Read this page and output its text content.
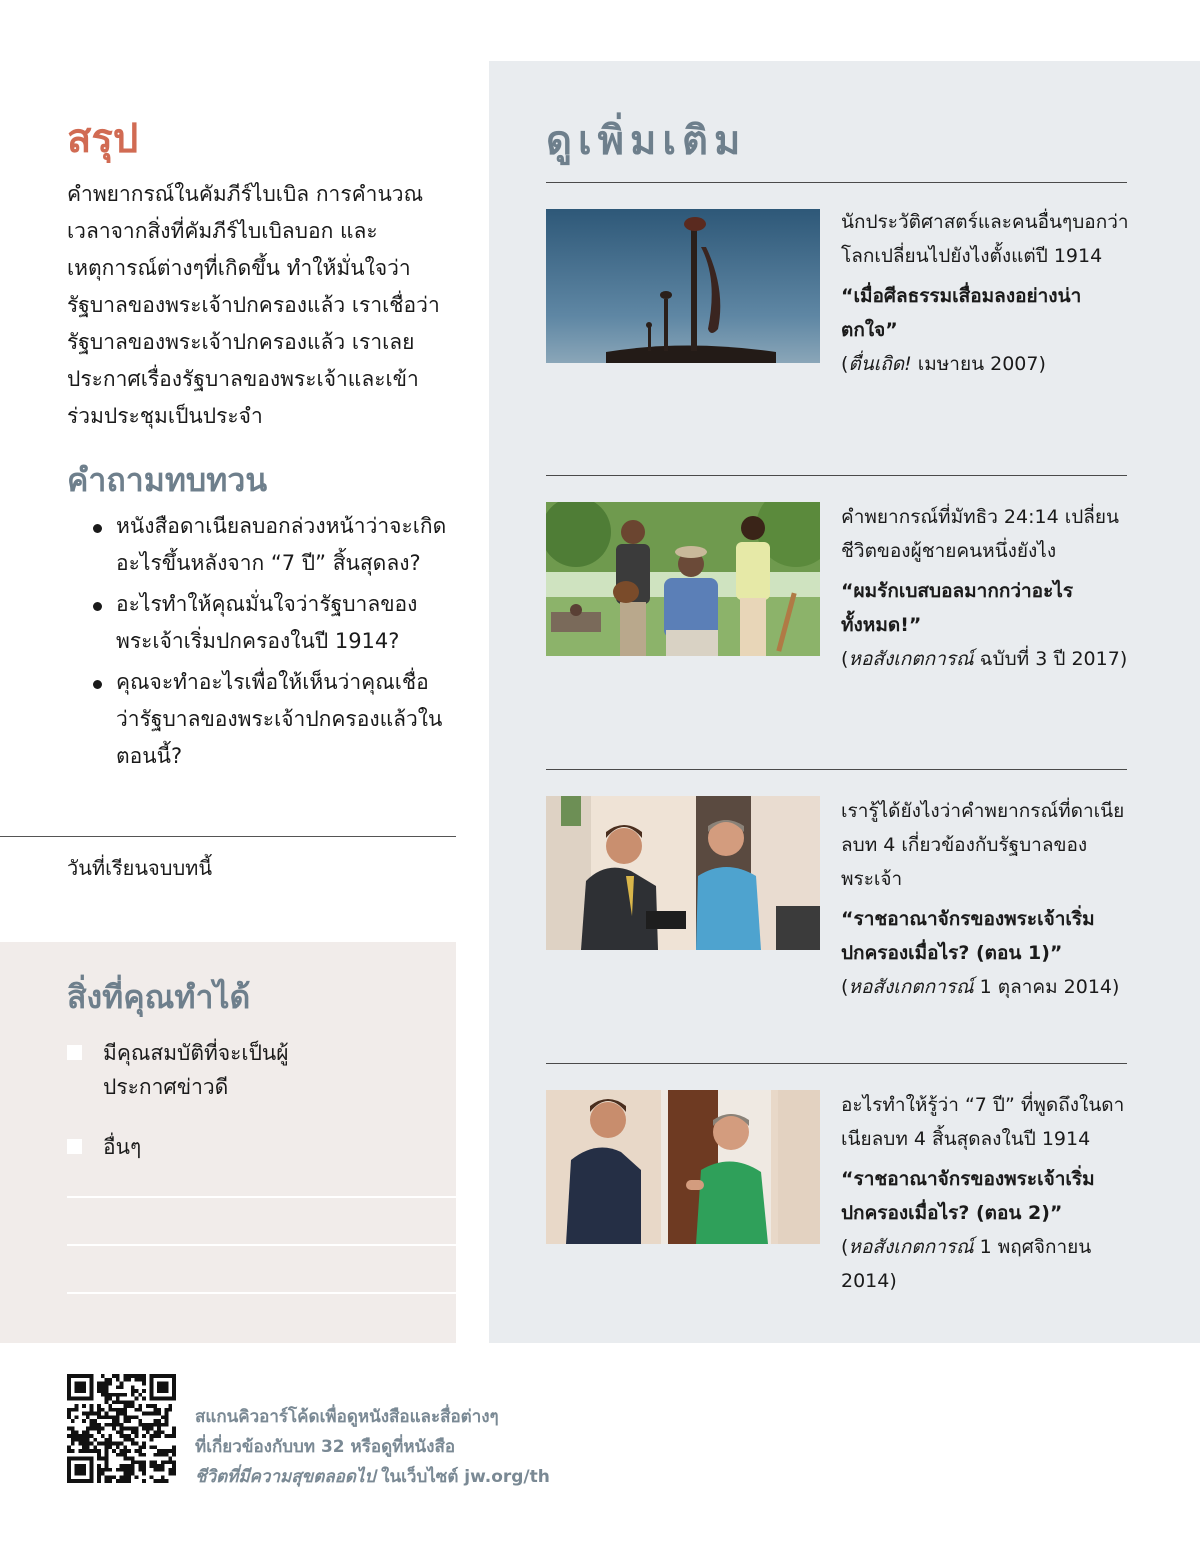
สรุป
คำพยากรณ์ในคัมภีร์ไบเบิล การคำนวณเวลาจากสิ่งที่คัมภีร์ไบเบิลบอก และเหตุการณ์ต่างๆที่เกิดขึ้น ทำให้มั่นใจว่ารัฐบาลของพระเจ้าปกครองแล้ว เราเชื่อว่ารัฐบาลของพระเจ้าปกครองแล้ว เราเลยประกาศเรื่องรัฐบาลของพระเจ้าและเข้าร่วมประชุมเป็นประจำ
คำถามทบทวน
หนังสือดาเนียลบอกล่วงหน้าว่าจะเกิดอะไรขึ้นหลังจาก “7 ปี” สิ้นสุดลง?
อะไรทำให้คุณมั่นใจว่ารัฐบาลของพระเจ้าเริ่มปกครองในปี 1914?
คุณจะทำอะไรเพื่อให้เห็นว่าคุณเชื่อว่ารัฐบาลของพระเจ้าปกครองแล้วในตอนนี้?
วันที่เรียนจบบทนี้
สิ่งที่คุณทำได้
มีคุณสมบัติที่จะเป็นผู้ประกาศข่าวดี
อื่นๆ
ดูเพิ่มเติม
นักประวัติศาสตร์และคนอื่นๆบอกว่าโลกเปลี่ยนไปยังไงตั้งแต่ปี 1914
“เมื่อศีลธรรมเสื่อมลงอย่างน่าตกใจ”
(ตื่นเถิด! เมษายน 2007)
คำพยากรณ์ที่มัทธิว 24:14 เปลี่ยนชีวิตของผู้ชายคนหนึ่งยังไง
“ผมรักเบสบอลมากกว่าอะไรทั้งหมด!”
(หอสังเกตการณ์ ฉบับที่ 3 ปี 2017)
เรารู้ได้ยังไงว่าคำพยากรณ์ที่ดาเนียลบท 4 เกี่ยวข้องกับรัฐบาลของพระเจ้า
“ราชอาณาจักรของพระเจ้าเริ่มปกครองเมื่อไร? (ตอน 1)”
(หอสังเกตการณ์ 1 ตุลาคม 2014)
อะไรทำให้รู้ว่า “7 ปี” ที่พูดถึงในดาเนียลบท 4 สิ้นสุดลงในปี 1914
“ราชอาณาจักรของพระเจ้าเริ่มปกครองเมื่อไร? (ตอน 2)”
(หอสังเกตการณ์ 1 พฤศจิกายน 2014)
สแกนคิวอาร์โค้ดเพื่อดูหนังสือและสื่อต่างๆ
ที่เกี่ยวข้องกับบท 32 หรือดูที่หนังสือ
ชีวิตที่มีความสุขตลอดไป ในเว็บไซต์ jw.org/th
